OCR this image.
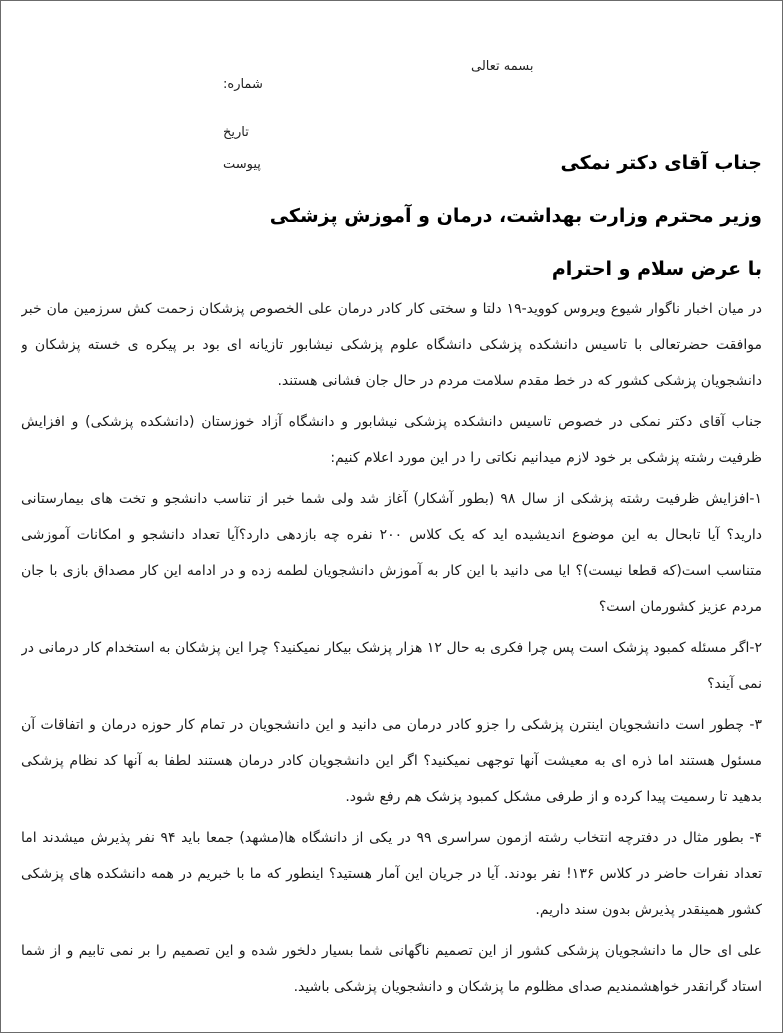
بسمه تعالی
شماره:
تاریخ
پیوست	جناب آقای دکتر نمکی
وزیر محترم وزارت بهداشت، درمان و آموزش پزشکی
با عرض سلام و احترام

در میان اخبار ناگوار شیوع ویروس کووید-۱۹ دلتا و سختی کار کادر درمان علی الخصوص پزشکان زحمت کش سرزمین مان خبر موافقت حضرتعالی با تاسیس دانشکده پزشکی دانشگاه علوم پزشکی نیشابور تازیانه ای بود بر پیکره ی خسته پزشکان و دانشجویان پزشکی کشور که در خط مقدم سلامت مردم در حال جان فشانی هستند.

جناب آقای دکتر نمکی در خصوص تاسیس دانشکده پزشکی نیشابور و دانشگاه آزاد خوزستان (دانشکده پزشکی) و افزایش ظرفیت رشته پزشکی بر خود لازم میدانیم نکاتی را در این مورد اعلام کنیم:

۱-افزایش ظرفیت رشته پزشکی از سال ۹۸ (بطور آشکار) آغاز شد ولی شما خبر از تناسب دانشجو و تخت های بیمارستانی دارید؟ آیا تابحال به این موضوع اندیشیده اید که یک کلاس ۲۰۰ نفره چه بازدهی دارد؟آیا تعداد دانشجو و امکانات آموزشی متناسب است(که قطعا نیست)؟ ایا می دانید با این کار به آموزش دانشجویان لطمه زده و در ادامه این کار مصداق بازی با جان مردم عزیز کشورمان است؟

۲-اگر مسئله کمبود پزشک است پس چرا فکری به حال ۱۲ هزار پزشک بیکار نمیکنید؟ چرا این پزشکان به استخدام کار درمانی در نمی آیند؟

۳- چطور است دانشجویان اینترن پزشکی را جزو کادر درمان می دانید و این دانشجویان در تمام کار حوزه درمان و اتفاقات آن مسئول هستند اما ذره ای به معیشت آنها توجهی نمیکنید؟ اگر این دانشجویان کادر درمان هستند لطفا به آنها کد نظام پزشکی بدهید تا رسمیت پیدا کرده و از طرفی مشکل کمبود پزشک هم رفع شود.

۴- بطور مثال در دفترچه انتخاب رشته ازمون سراسری ۹۹ در یکی از دانشگاه ها(مشهد) جمعا باید ۹۴ نفر پذیرش میشدند اما تعداد نفرات حاضر در کلاس ۱۳۶! نفر بودند. آیا در جریان این آمار هستید؟ اینطور که ما با خبریم در همه دانشکده های پزشکی کشور همینقدر پذیرش بدون سند داریم.

علی ای حال ما دانشجویان پزشکی کشور از این تصمیم ناگهانی شما بسیار دلخور شده و این تصمیم را بر نمی تابیم و از شما استاد گرانقدر خواهشمندیم صدای مظلوم ما پزشکان و دانشجویان پزشکی باشید.
